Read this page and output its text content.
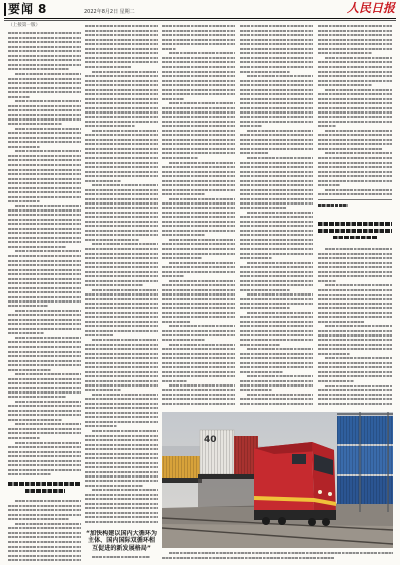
要闻 8	2022年8月2日 星期二	人民日报
（上接第一版）
“加快构建以国内大循环为主体、国内国际双循环相互促进的新发展格局”
40
